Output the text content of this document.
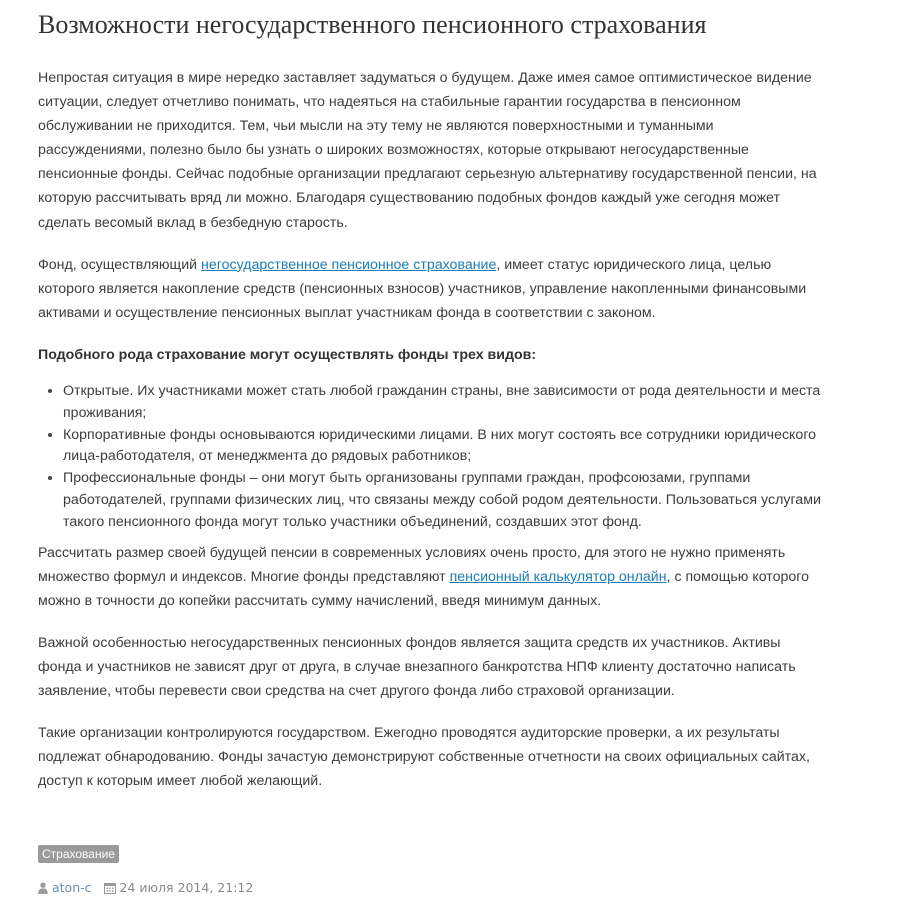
Возможности негосударственного пенсионного страхования

Непростая ситуация в мире нередко заставляет задуматься о будущем. Даже имея самое оптимистическое видение ситуации, следует отчетливо понимать, что надеяться на стабильные гарантии государства в пенсионном обслуживании не приходится. Тем, чьи мысли на эту тему не являются поверхностными и туманными рассуждениями, полезно было бы узнать о широких возможностях, которые открывают негосударственные пенсионные фонды. Сейчас подобные организации предлагают серьезную альтернативу государственной пенсии, на которую рассчитывать вряд ли можно. Благодаря существованию подобных фондов каждый уже сегодня может сделать весомый вклад в безбедную старость.

Фонд, осуществляющий негосударственное пенсионное страхование, имеет статус юридического лица, целью которого является накопление средств (пенсионных взносов) участников, управление накопленными финансовыми активами и осуществление пенсионных выплат участникам фонда в соответствии с законом.

Подобного рода страхование могут осуществлять фонды трех видов:

• Открытые. Их участниками может стать любой гражданин страны, вне зависимости от рода деятельности и места проживания;
• Корпоративные фонды основываются юридическими лицами. В них могут состоять все сотрудники юридического лица-работодателя, от менеджмента до рядовых работников;
• Профессиональные фонды – они могут быть организованы группами граждан, профсоюзами, группами работодателей, группами физических лиц, что связаны между собой родом деятельности. Пользоваться услугами такого пенсионного фонда могут только участники объединений, создавших этот фонд.

Рассчитать размер своей будущей пенсии в современных условиях очень просто, для этого не нужно применять множество формул и индексов. Многие фонды представляют пенсионный калькулятор онлайн, с помощью которого можно в точности до копейки рассчитать сумму начислений, введя минимум данных.

Важной особенностью негосударственных пенсионных фондов является защита средств их участников. Активы фонда и участников не зависят друг от друга, в случае внезапного банкротства НПФ клиенту достаточно написать заявление, чтобы перевести свои средства на счет другого фонда либо страховой организации.

Такие организации контролируются государством. Ежегодно проводятся аудиторские проверки, а их результаты подлежат обнародованию. Фонды зачастую демонстрируют собственные отчетности на своих официальных сайтах, доступ к которым имеет любой желающий.

Страхование
aton-c 24 июля 2014, 21:12
